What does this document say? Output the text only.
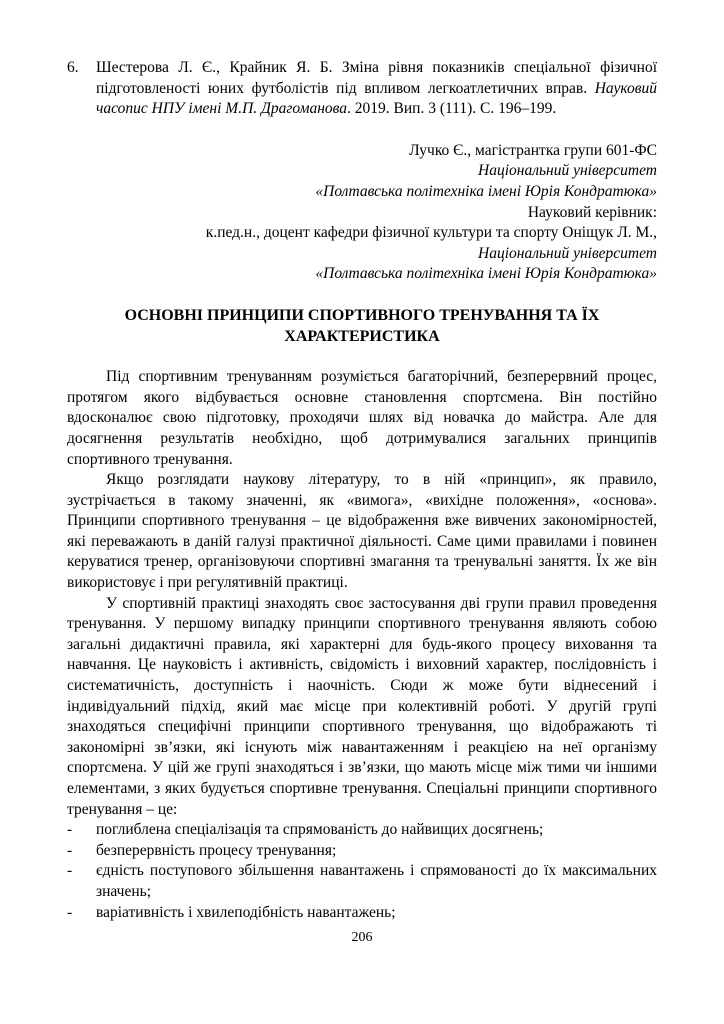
6. Шестерова Л. Є., Крайник Я. Б. Зміна рівня показників спеціальної фізичної підготовленості юних футболістів під впливом легкоатлетичних вправ. Науковий часопис НПУ імені М.П. Драгоманова. 2019. Вип. 3 (111). С. 196–199.
Лучко Є., магістрантка групи 601-ФС
Національний університет
«Полтавська політехніка імені Юрія Кондратюка»
Науковий керівник:
к.пед.н., доцент кафедри фізичної культури та спорту Оніщук Л. М.,
Національний університет
«Полтавська політехніка імені Юрія Кондратюка»
ОСНОВНІ ПРИНЦИПИ СПОРТИВНОГО ТРЕНУВАННЯ ТА ЇХ ХАРАКТЕРИСТИКА

Під спортивним тренуванням розуміється багаторічний, безперервний процес, протягом якого відбувається основне становлення спортсмена. Він постійно вдосконалює свою підготовку, проходячи шлях від новачка до майстра. Але для досягнення результатів необхідно, щоб дотримувалися загальних принципів спортивного тренування.

Якщо розглядати наукову літературу, то в ній «принцип», як правило, зустрічається в такому значенні, як «вимога», «вихідне положення», «основа». Принципи спортивного тренування – це відображення вже вивчених закономірностей, які переважають в даній галузі практичної діяльності. Саме цими правилами і повинен керуватися тренер, організовуючи спортивні змагання та тренувальні заняття. Їх же він використовує і при регулятивній практиці.

У спортивній практиці знаходять своє застосування дві групи правил проведення тренування. У першому випадку принципи спортивного тренування являють собою загальні дидактичні правила, які характерні для будь-якого процесу виховання та навчання. Це науковість і активність, свідомість і виховний характер, послідовність і систематичність, доступність і наочність. Сюди ж може бути віднесений і індивідуальний підхід, який має місце при колективній роботі. У другій групі знаходяться специфічні принципи спортивного тренування, що відображають ті закономірні зв’язки, які існують між навантаженням і реакцією на неї організму спортсмена. У цій же групі знаходяться і зв’язки, що мають місце між тими чи іншими елементами, з яких будується спортивне тренування. Спеціальні принципи спортивного тренування – це:

- поглиблена спеціалізація та спрямованість до найвищих досягнень;
- безперервність процесу тренування;
- єдність поступового збільшення навантажень і спрямованості до їх максимальних значень;
- варіативність і хвилеподібність навантажень;
206
